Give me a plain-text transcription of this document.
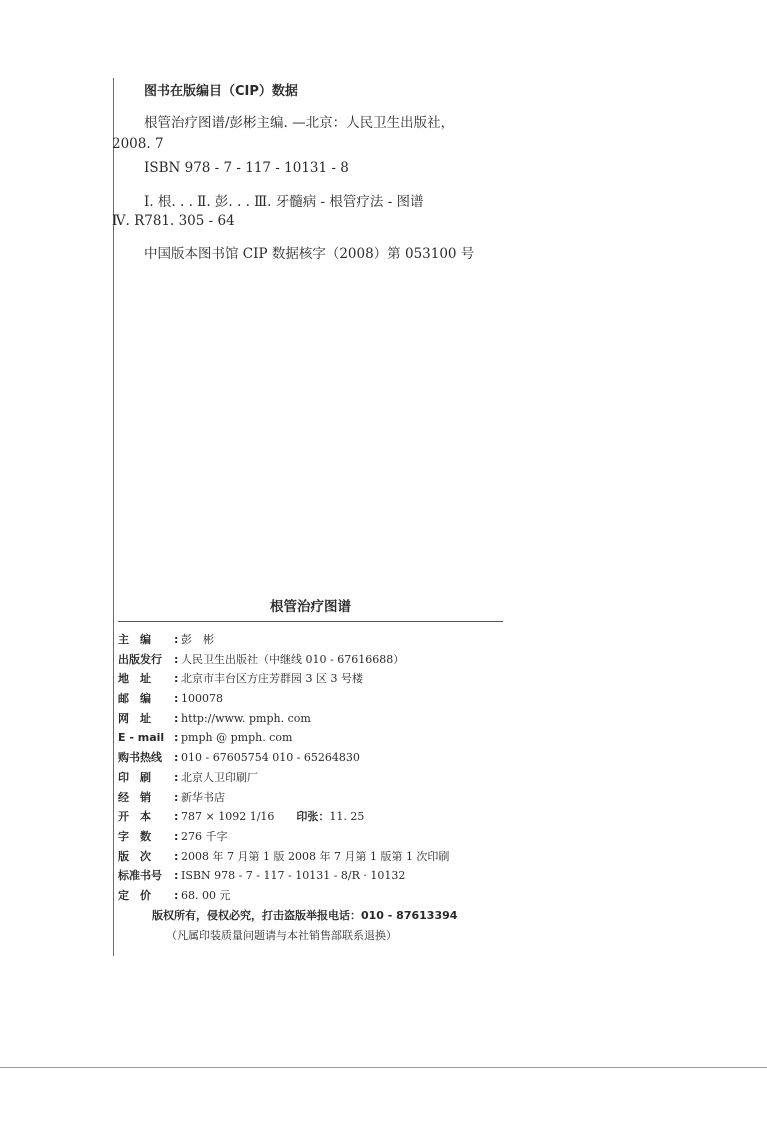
图书在版编目（CIP）数据
根管治疗图谱/彭彬主编. —北京：人民卫生出版社，
2008. 7
ISBN 978 - 7 - 117 - 10131 - 8
Ⅰ. 根. . . Ⅱ. 彭. . . Ⅲ. 牙髓病 - 根管疗法 - 图谱
Ⅳ. R781. 305 - 64
中国版本图书馆 CIP 数据核字（2008）第 053100 号
根管治疗图谱
主　编	: 彭　彬
出版发行	: 人民卫生出版社（中继线 010 - 67616688）
地　址	: 北京市丰台区方庄芳群园 3 区 3 号楼
邮　编	: 100078
网　址	: http://www. pmph. com
E - mail : pmph @ pmph. com
购书热线	: 010 - 67605754 010 - 65264830
印　刷	: 北京人卫印刷厂
经　销	: 新华书店
开　本	: 787 × 1092 1/16 印张： 11. 25
字　数	: 276 千字
版　次	: 2008 年 7 月第 1 版 2008 年 7 月第 1 版第 1 次印刷
标准书号	: ISBN 978 - 7 - 117 - 10131 - 8/R · 10132
定　价	: 68. 00 元
版权所有，侵权必究，打击盗版举报电话：010 - 87613394
（凡属印装质量问题请与本社销售部联系退换）
